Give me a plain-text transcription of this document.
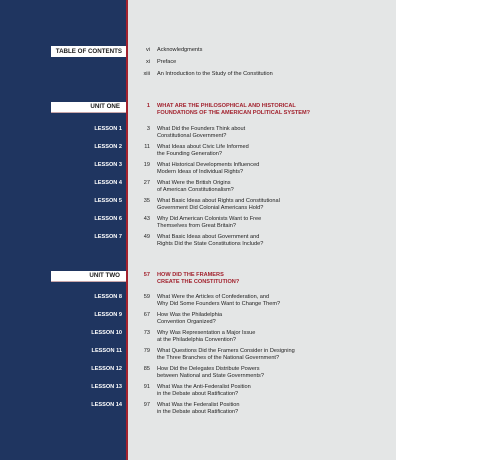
TABLE OF CONTENTS	vi Acknowledgments
xi Preface
xiii An Introduction to the Study of the Constitution
UNIT ONE	1 WHAT ARE THE PHILOSOPHICAL AND HISTORICAL
FOUNDATIONS OF THE AMERICAN POLITICAL SYSTEM?
LESSON 1	3 What Did the Founders Think about
Constitutional Government?
LESSON 2	11 What Ideas about Civic Life Informed
the Founding Generation?
LESSON 3	19 What Historical Developments Influenced
Modern Ideas of Individual Rights?
LESSON 4	27 What Were the British Origins
of American Constitutionalism?
LESSON 5	35 What Basic Ideas about Rights and Constitutional
Government Did Colonial Americans Hold?
LESSON 6	43 Why Did American Colonists Want to Free
Themselves from Great Britain?
LESSON 7	49 What Basic Ideas about Government and
Rights Did the State Constitutions Include?
UNIT TWO	57 HOW DID THE FRAMERS
CREATE THE CONSTITUTION?
LESSON 8	59 What Were the Articles of Confederation, and
Why Did Some Founders Want to Change Them?
LESSON 9	67 How Was the Philadelphia
Convention Organized?
LESSON 10	73 Why Was Representation a Major Issue
at the Philadelphia Convention?
LESSON 11	79 What Questions Did the Framers Consider in Designing
the Three Branches of the National Government?
LESSON 12	85 How Did the Delegates Distribute Powers
between National and State Governments?
LESSON 13	91 What Was the Anti-Federalist Position
in the Debate about Ratification?
LESSON 14	97 What Was the Federalist Position
in the Debate about Ratification?
